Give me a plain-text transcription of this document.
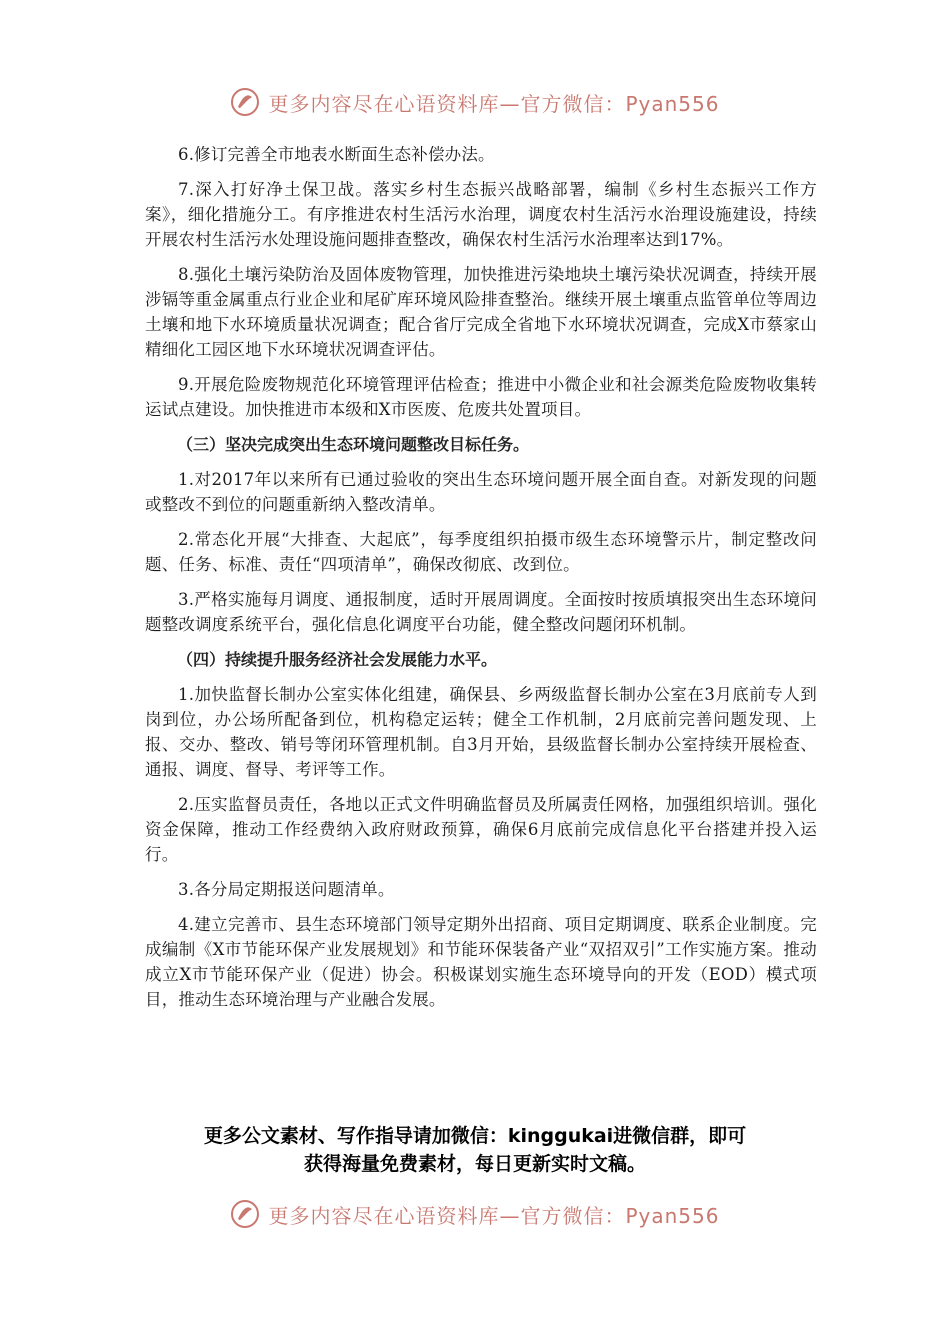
更多内容尽在心语资料库—官方微信：Pyan556

6.修订完善全市地表水断面生态补偿办法。

7.深入打好净土保卫战。落实乡村生态振兴战略部署，编制《乡村生态振兴工作方案》，细化措施分工。有序推进农村生活污水治理，调度农村生活污水治理设施建设，持续开展农村生活污水处理设施问题排查整改，确保农村生活污水治理率达到17%。

8.强化土壤污染防治及固体废物管理，加快推进污染地块土壤污染状况调查，持续开展涉镉等重金属重点行业企业和尾矿库环境风险排查整治。继续开展土壤重点监管单位等周边土壤和地下水环境质量状况调查；配合省厅完成全省地下水环境状况调查，完成X市蔡家山精细化工园区地下水环境状况调查评估。

9.开展危险废物规范化环境管理评估检查；推进中小微企业和社会源类危险废物收集转运试点建设。加快推进市本级和X市医废、危废共处置项目。

（三）坚决完成突出生态环境问题整改目标任务。

1.对2017年以来所有已通过验收的突出生态环境问题开展全面自查。对新发现的问题或整改不到位的问题重新纳入整改清单。

2.常态化开展“大排查、大起底”，每季度组织拍摄市级生态环境警示片，制定整改问题、任务、标准、责任“四项清单”，确保改彻底、改到位。

3.严格实施每月调度、通报制度，适时开展周调度。全面按时按质填报突出生态环境问题整改调度系统平台，强化信息化调度平台功能，健全整改问题闭环机制。

（四）持续提升服务经济社会发展能力水平。

1.加快监督长制办公室实体化组建，确保县、乡两级监督长制办公室在3月底前专人到岗到位，办公场所配备到位，机构稳定运转；健全工作机制，2月底前完善问题发现、上报、交办、整改、销号等闭环管理机制。自3月开始，县级监督长制办公室持续开展检查、通报、调度、督导、考评等工作。

2.压实监督员责任，各地以正式文件明确监督员及所属责任网格，加强组织培训。强化资金保障，推动工作经费纳入政府财政预算，确保6月底前完成信息化平台搭建并投入运行。

3.各分局定期报送问题清单。

4.建立完善市、县生态环境部门领导定期外出招商、项目定期调度、联系企业制度。完成编制《X市节能环保产业发展规划》和节能环保装备产业“双招双引”工作实施方案。推动成立X市节能环保产业（促进）协会。积极谋划实施生态环境导向的开发（EOD）模式项目，推动生态环境治理与产业融合发展。

更多公文素材、写作指导请加微信：kinggukai进微信群，即可
获得海量免费素材，每日更新实时文稿。
更多内容尽在心语资料库—官方微信：Pyan556
